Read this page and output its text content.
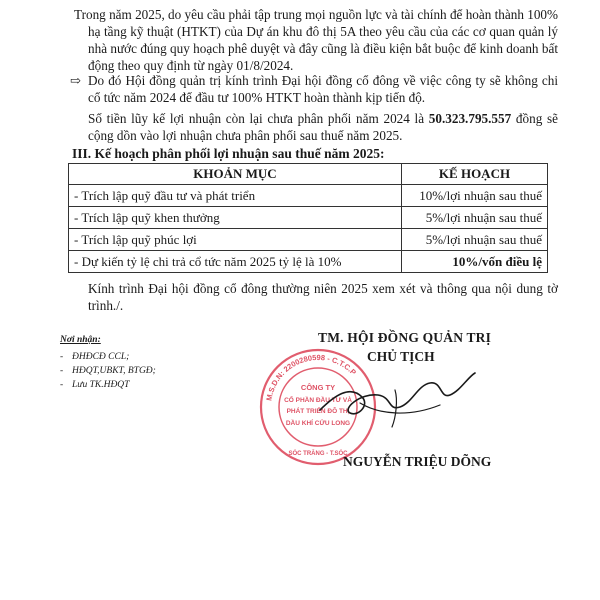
Trong năm 2025, do yêu cầu phải tập trung mọi nguồn lực và tài chính để hoàn thành 100% hạ tầng kỹ thuật (HTKT) của Dự án khu đô thị 5A theo yêu cầu của các cơ quan quản lý nhà nước đúng quy hoạch phê duyệt và đây cũng là điều kiện bắt buộc để kinh doanh bất động theo quy định từ ngày 01/8/2024.

⇨ Do đó Hội đồng quản trị kính trình Đại hội đồng cổ đông về việc công ty sẽ không chi cổ tức năm 2024 để đầu tư 100% HTKT hoàn thành kịp tiến độ.

Số tiền lũy kế lợi nhuận còn lại chưa phân phối năm 2024 là 50.323.795.557 đồng sẽ cộng dồn vào lợi nhuận chưa phân phối sau thuế năm 2025.

III. Kế hoạch phân phối lợi nhuận sau thuế năm 2025:

KHOẢN MỤC	KẾ HOẠCH
- Trích lập quỹ đầu tư và phát triển	10%/lợi nhuận sau thuế
- Trích lập quỹ khen thưởng	5%/lợi nhuận sau thuế
- Trích lập quỹ phúc lợi	5%/lợi nhuận sau thuế
- Dự kiến tỷ lệ chi trả cổ tức năm 2025 tỷ lệ là 10%	10%/vốn điều lệ

Kính trình Đại hội đồng cổ đông thường niên 2025 xem xét và thông qua nội dung tờ trình./.

Nơi nhận:
- ĐHĐCĐ CCL;
- HĐQT,UBKT, BTGĐ;
- Lưu TK.HĐQT
M.S.D.N: 2200280598 - C.T.C.P
CÔNG TY
CỔ PHẦN ĐẦU TƯ VÀ
PHÁT TRIỂN ĐÔ THỊ
DẦU KHÍ CỬU LONG
SÓC TRĂNG - T.SÓC
TM. HỘI ĐỒNG QUẢN TRỊ
CHỦ TỊCH
NGUYỄN TRIỆU DÕNG
